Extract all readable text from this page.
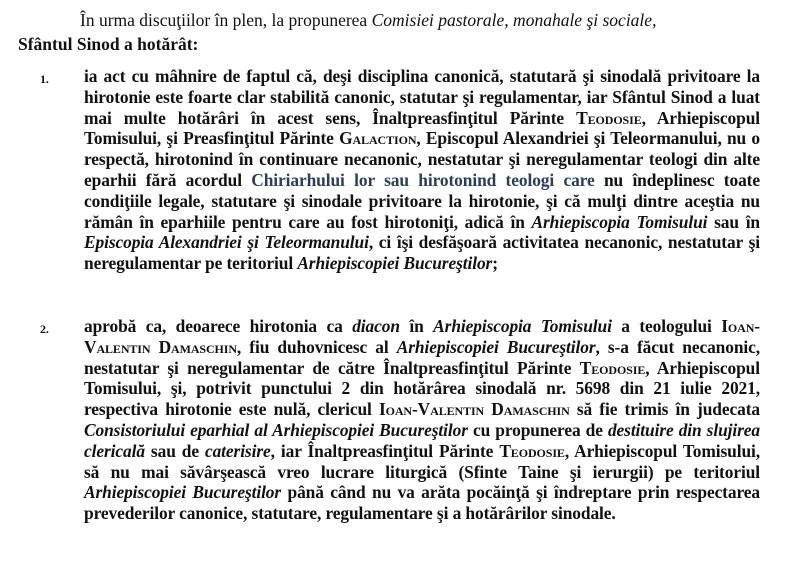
În urma discuţiilor în plen, la propunerea Comisiei pastorale, monahale şi sociale,
Sfântul Sinod a hotărât:
1. ia act cu mâhnire de faptul că, deşi disciplina canonică, statutară şi sinodală privitoare la hirotonie este foarte clar stabilită canonic, statutar şi regulamentar, iar Sfântul Sinod a luat mai multe hotărâri în acest sens, Înaltpreasfinţitul Părinte Teodosie, Arhiepiscopul Tomisului, şi Preasfinţitul Părinte Galaction, Episcopul Alexandriei şi Teleormanului, nu o respectă, hirotonind în continuare necanonic, nestatutar şi neregulamentar teologi din alte eparhii fără acordul Chiriarhului lor sau hirotonind teologi care nu îndeplinesc toate condiţiile legale, statutare şi sinodale privitoare la hirotonie, şi că mulţi dintre aceştia nu rămân în eparhiile pentru care au fost hirotoniţi, adică în Arhiepiscopia Tomisului sau în Episcopia Alexandriei şi Teleormanului, ci îşi desfăşoară activitatea necanonic, nestatutar şi neregulamentar pe teritoriul Arhiepiscopiei Bucureştilor;
2. aprobă ca, deoarece hirotonia ca diacon în Arhiepiscopia Tomisului a teologului Ioan-Valentin Damaschin, fiu duhovnicesc al Arhiepiscopiei Bucureştilor, s-a făcut necanonic, nestatutar şi neregulamentar de către Înaltpreasfinţitul Părinte Teodosie, Arhiepiscopul Tomisului, şi, potrivit punctului 2 din hotărârea sinodală nr. 5698 din 21 iulie 2021, respectiva hirotonie este nulă, clericul Ioan-Valentin Damaschin să fie trimis în judecata Consistoriului eparhial al Arhiepiscopiei Bucureştilor cu propunerea de destituire din slujirea clericală sau de caterisire, iar Înaltpreasfinţitul Părinte Teodosie, Arhiepiscopul Tomisului, să nu mai săvârşească vreo lucrare liturgică (Sfinte Taine şi ierurgii) pe teritoriul Arhiepiscopiei Bucureştilor până când nu va arăta pocăinţă şi îndreptare prin respectarea prevederilor canonice, statutare, regulamentare şi a hotărârilor sinodale.
